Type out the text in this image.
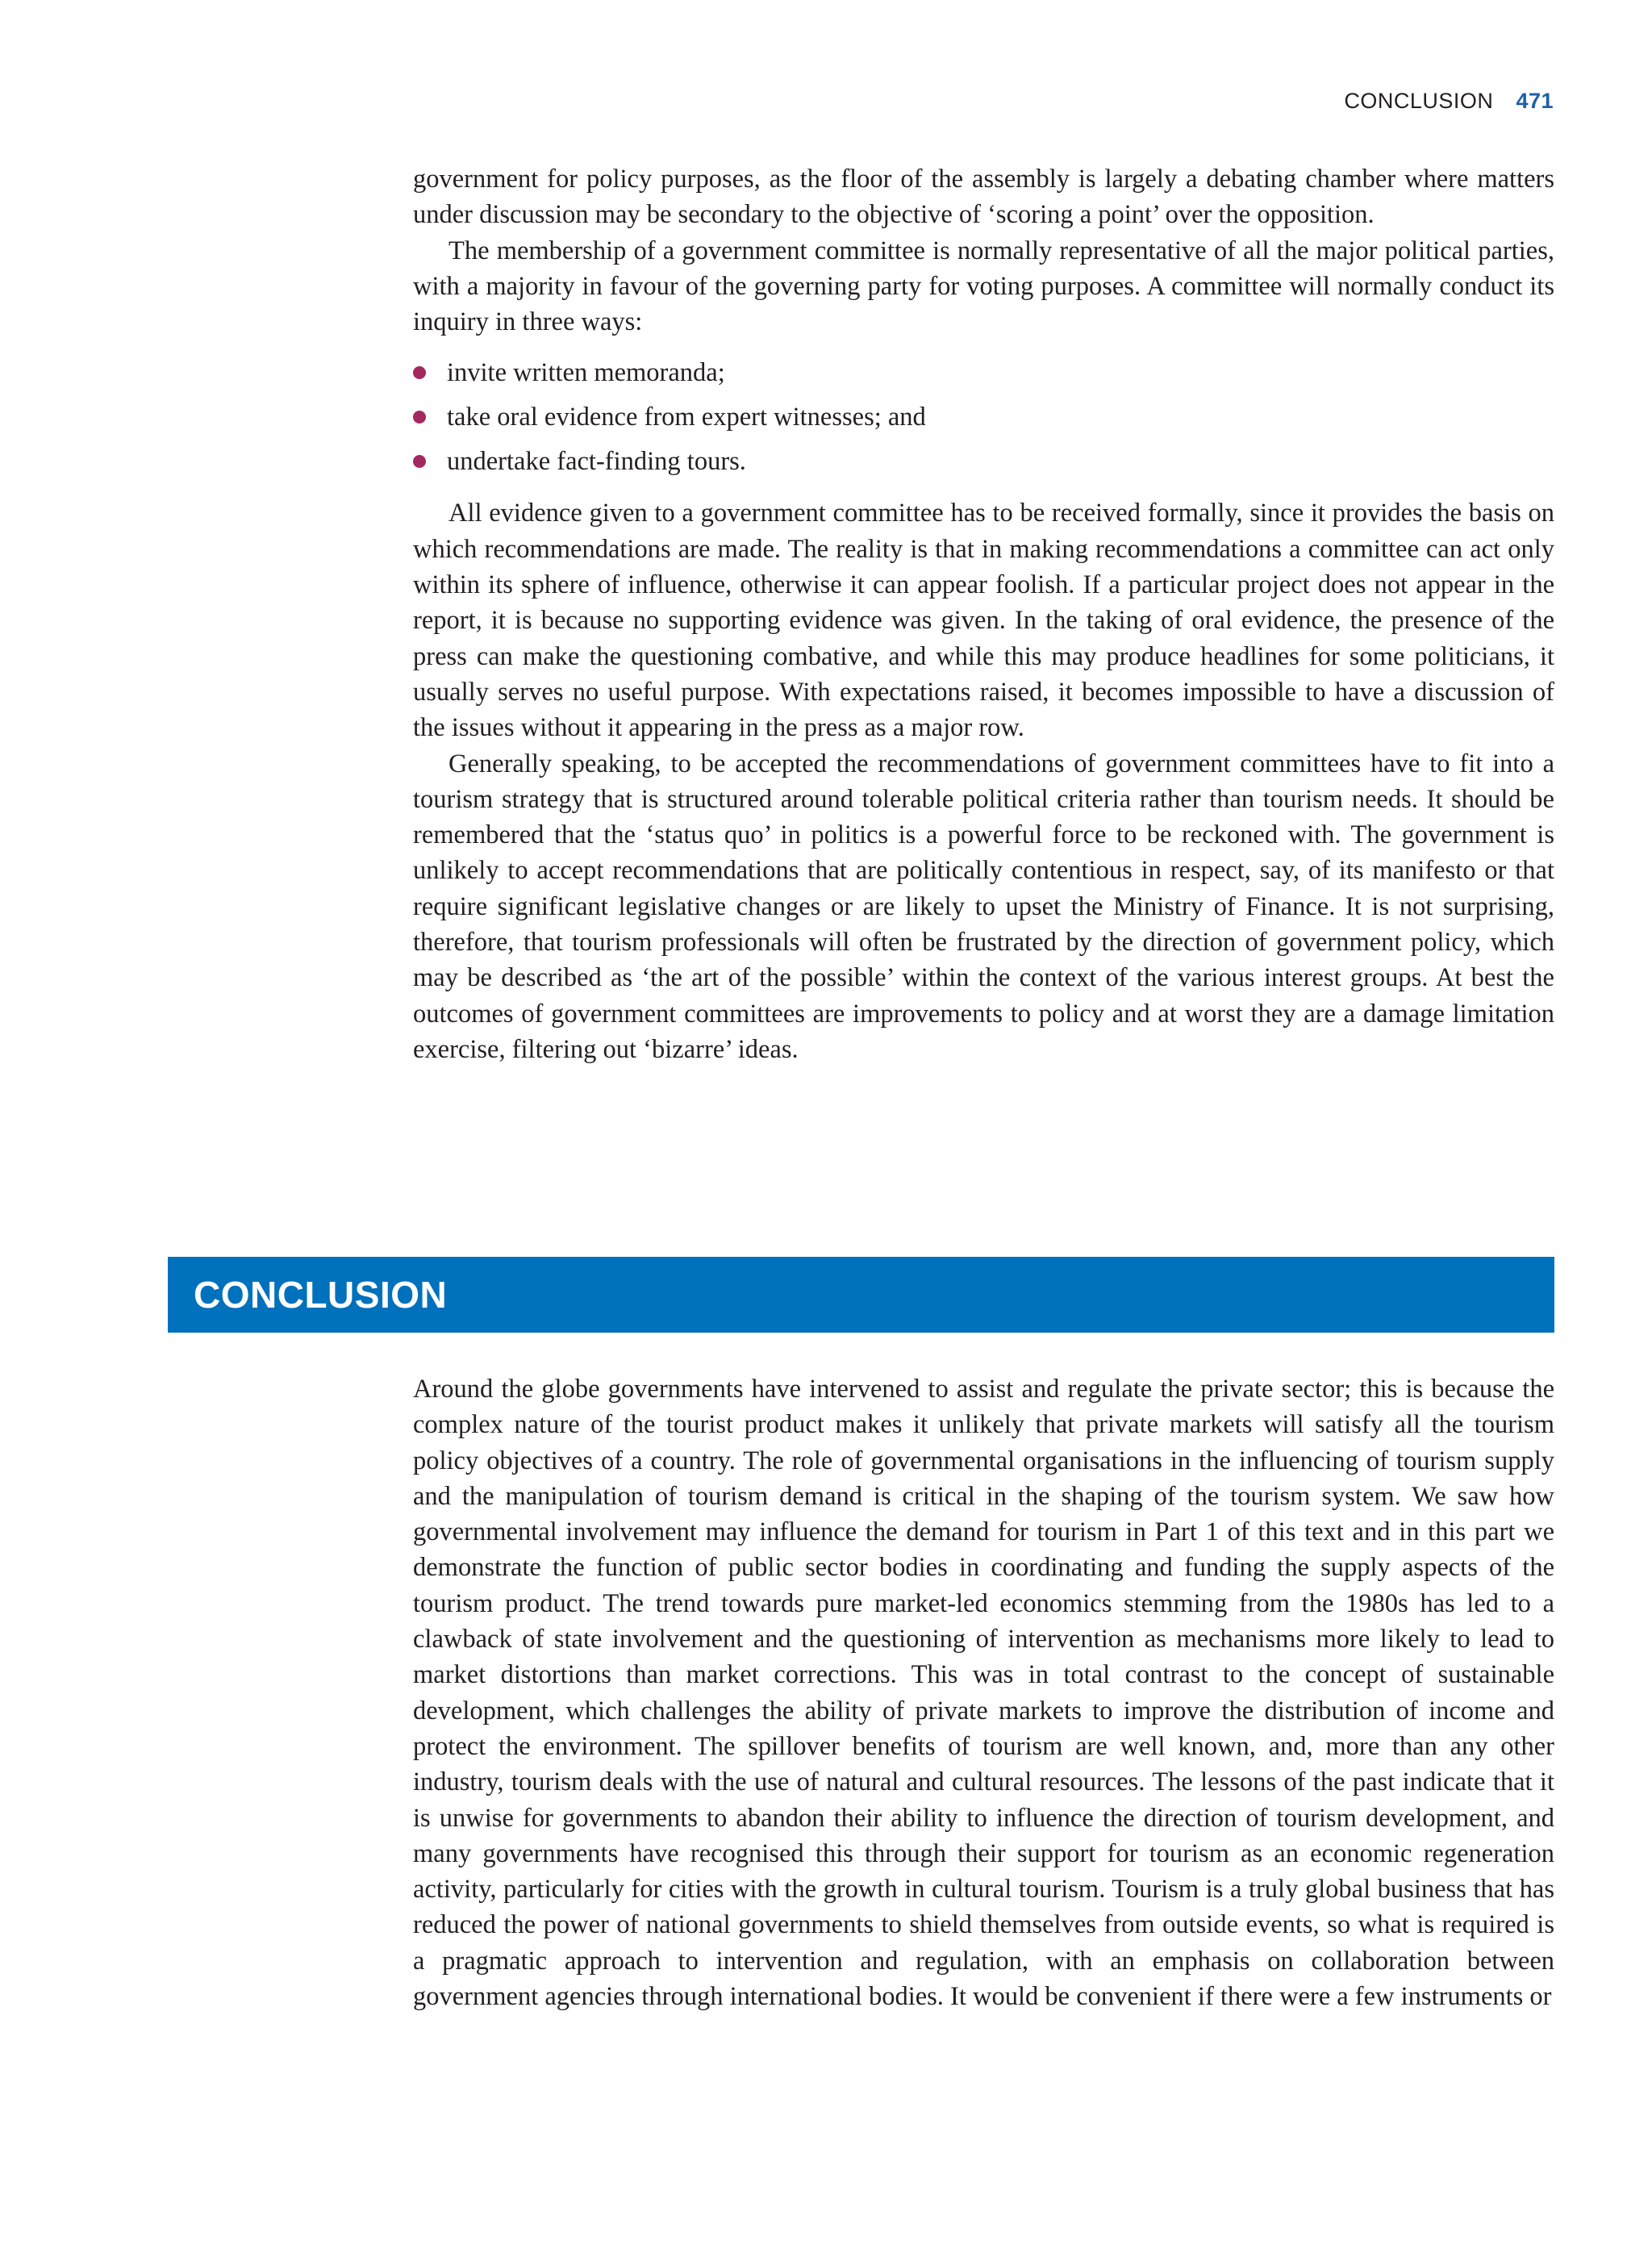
CONCLUSION 471

government for policy purposes, as the floor of the assembly is largely a debating chamber where matters under discussion may be secondary to the objective of ‘scoring a point’ over the opposition.

The membership of a government committee is normally representative of all the major political parties, with a majority in favour of the governing party for voting purposes. A committee will normally conduct its inquiry in three ways:

invite written memoranda;
take oral evidence from expert witnesses; and
undertake fact-finding tours.

All evidence given to a government committee has to be received formally, since it provides the basis on which recommendations are made. The reality is that in making recommendations a committee can act only within its sphere of influence, otherwise it can appear foolish. If a particular project does not appear in the report, it is because no supporting evidence was given. In the taking of oral evidence, the presence of the press can make the questioning combative, and while this may produce headlines for some politicians, it usually serves no useful purpose. With expectations raised, it becomes impossible to have a discussion of the issues without it appearing in the press as a major row.

Generally speaking, to be accepted the recommendations of government committees have to fit into a tourism strategy that is structured around tolerable political criteria rather than tourism needs. It should be remembered that the ‘status quo’ in politics is a powerful force to be reckoned with. The government is unlikely to accept recommendations that are politically contentious in respect, say, of its manifesto or that require significant legislative changes or are likely to upset the Ministry of Finance. It is not surprising, therefore, that tourism professionals will often be frustrated by the direction of government policy, which may be described as ‘the art of the possible’ within the context of the various interest groups. At best the outcomes of government committees are improvements to policy and at worst they are a damage limitation exercise, filtering out ‘bizarre’ ideas.

CONCLUSION

Around the globe governments have intervened to assist and regulate the private sector; this is because the complex nature of the tourist product makes it unlikely that private markets will satisfy all the tourism policy objectives of a country. The role of governmental organisations in the influencing of tourism supply and the manipulation of tourism demand is critical in the shaping of the tourism system. We saw how governmental involvement may influence the demand for tourism in Part 1 of this text and in this part we demonstrate the function of public sector bodies in coordinating and funding the supply aspects of the tourism product. The trend towards pure market-led economics stemming from the 1980s has led to a clawback of state involvement and the questioning of intervention as mechanisms more likely to lead to market distortions than market corrections. This was in total contrast to the concept of sustainable development, which challenges the ability of private markets to improve the distribution of income and protect the environment. The spillover benefits of tourism are well known, and, more than any other industry, tourism deals with the use of natural and cultural resources. The lessons of the past indicate that it is unwise for governments to abandon their ability to influence the direction of tourism development, and many governments have recognised this through their support for tourism as an economic regeneration activity, particularly for cities with the growth in cultural tourism. Tourism is a truly global business that has reduced the power of national governments to shield themselves from outside events, so what is required is a pragmatic approach to intervention and regulation, with an emphasis on collaboration between government agencies through international bodies. It would be convenient if there were a few instruments or
